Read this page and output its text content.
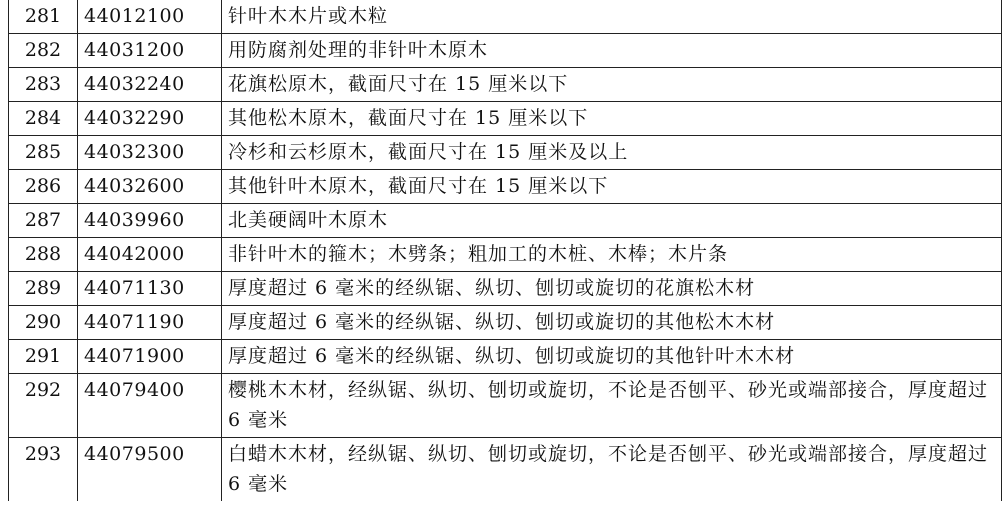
281	44012100	针叶木木片或木粒
282	44031200	用防腐剂处理的非针叶木原木
283	44032240	花旗松原木，截面尺寸在 15 厘米以下
284	44032290	其他松木原木，截面尺寸在 15 厘米以下
285	44032300	冷杉和云杉原木，截面尺寸在 15 厘米及以上
286	44032600	其他针叶木原木，截面尺寸在 15 厘米以下
287	44039960	北美硬阔叶木原木
288	44042000	非针叶木的箍木；木劈条；粗加工的木桩、木棒；木片条
289	44071130	厚度超过 6 毫米的经纵锯、纵切、刨切或旋切的花旗松木材
290	44071190	厚度超过 6 毫米的经纵锯、纵切、刨切或旋切的其他松木木材
291	44071900	厚度超过 6 毫米的经纵锯、纵切、刨切或旋切的其他针叶木木材
292	44079400	樱桃木木材，经纵锯、纵切、刨切或旋切，不论是否刨平、砂光或端部接合，厚度超过 6 毫米
293	44079500	白蜡木木材，经纵锯、纵切、刨切或旋切，不论是否刨平、砂光或端部接合，厚度超过 6 毫米
